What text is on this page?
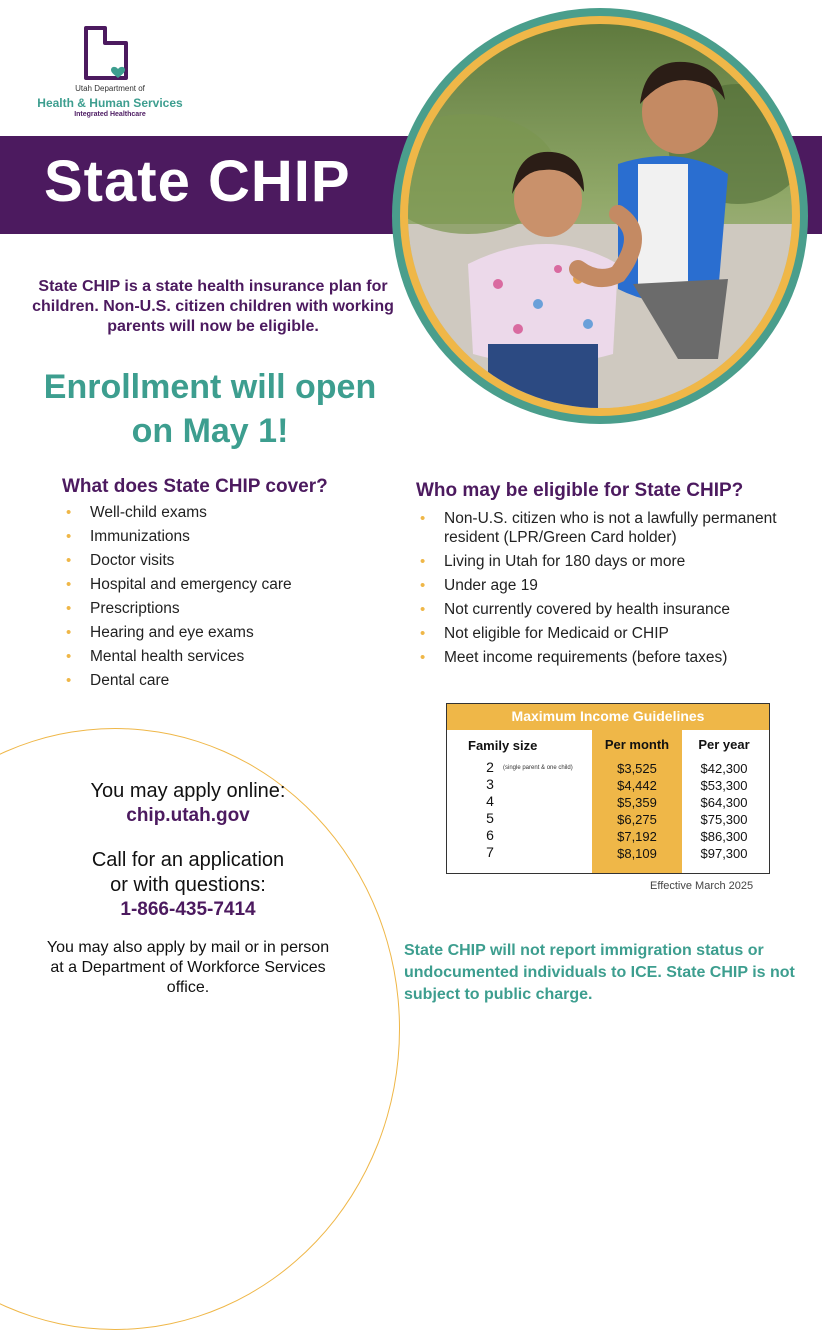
Utah Department of
Health & Human Services
Integrated Healthcare
State CHIP
State CHIP is a state health insurance plan for children. Non-U.S. citizen children with working parents will now be eligible.
Enrollment will open on May 1!
What does State CHIP cover?
• Well-child exams
• Immunizations
• Doctor visits
• Hospital and emergency care
• Prescriptions
• Hearing and eye exams
• Mental health services
• Dental care
Who may be eligible for State CHIP?
• Non-U.S. citizen who is not a lawfully permanent resident (LPR/Green Card holder)
• Living in Utah for 180 days or more
• Under age 19
• Not currently covered by health insurance
• Not eligible for Medicaid or CHIP
• Meet income requirements (before taxes)
You may apply online:
chip.utah.gov
Call for an application
or with questions:
1-866-435-7414
You may also apply by mail or in person at a Department of Workforce Services office.
Maximum Income Guidelines
Family size	Per month	Per year
2	(single parent & one child)	$3,525	$42,300
3	$4,442	$53,300
4	$5,359	$64,300
5	$6,275	$75,300
6	$7,192	$86,300
7	$8,109	$97,300
Effective March 2025
State CHIP will not report immigration status or undocumented individuals to ICE. State CHIP is not subject to public charge.
